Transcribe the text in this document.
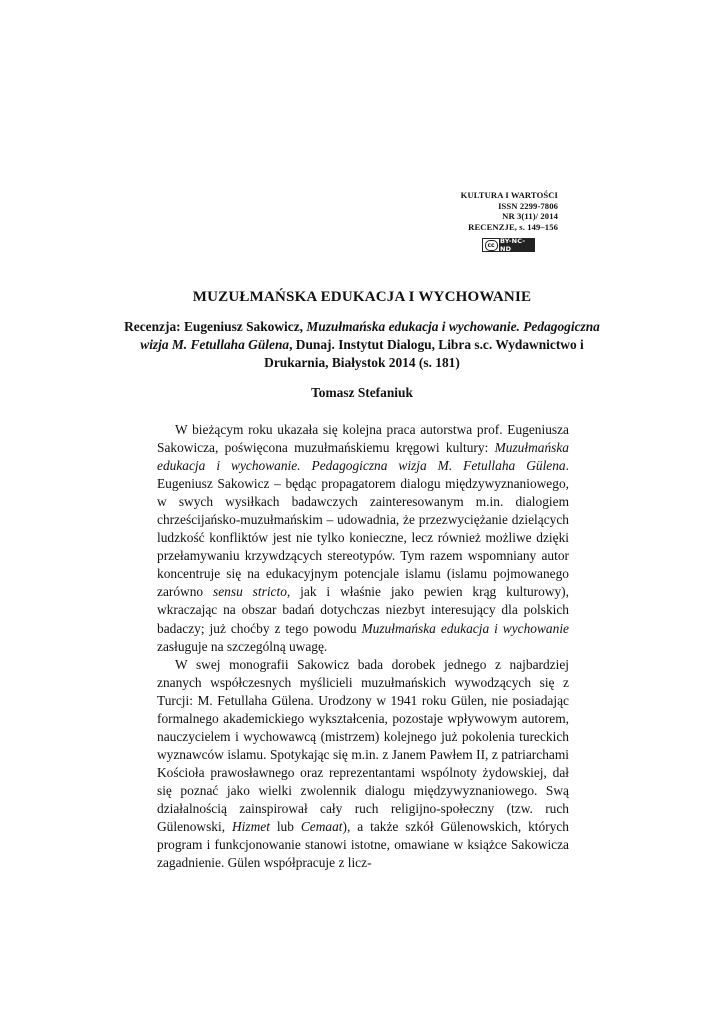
KULTURA I WARTOŚCI
ISSN 2299-7806
NR 3(11)/ 2014
RECENZJE, s. 149–156
cc BY-NC-ND
MUZUŁMAŃSKA EDUKACJA I WYCHOWANIE
Recenzja: Eugeniusz Sakowicz, Muzułmańska edukacja i wychowanie. Pedagogiczna wizja M. Fetullaha Gülena, Dunaj. Instytut Dialogu, Libra s.c. Wydawnictwo i Drukarnia, Białystok 2014 (s. 181)
Tomasz Stefaniuk

W bieżącym roku ukazała się kolejna praca autorstwa prof. Eugeniusza Sakowicza, poświęcona muzułmańskiemu kręgowi kultury: Muzułmańska edukacja i wychowanie. Pedagogiczna wizja M. Fetullaha Gülena. Eugeniusz Sakowicz – będąc propagatorem dialogu międzywyznaniowego, w swych wysiłkach badawczych zainteresowanym m.in. dialogiem chrześcijańsko-muzułmańskim – udowadnia, że przezwyciężanie dzielących ludzkość konfliktów jest nie tylko konieczne, lecz również możliwe dzięki przełamywaniu krzywdzących stereotypów. Tym razem wspomniany autor koncentruje się na edukacyjnym potencjale islamu (islamu pojmowanego zarówno sensu stricto, jak i właśnie jako pewien krąg kulturowy), wkraczając na obszar badań dotychczas niezbyt interesujący dla polskich badaczy; już choćby z tego powodu Muzułmańska edukacja i wychowanie zasługuje na szczególną uwagę.

W swej monografii Sakowicz bada dorobek jednego z najbardziej znanych współczesnych myślicieli muzułmańskich wywodzących się z Turcji: M. Fetullaha Gülena. Urodzony w 1941 roku Gülen, nie posiadając formalnego akademickiego wykształcenia, pozostaje wpływowym autorem, nauczycielem i wychowawcą (mistrzem) kolejnego już pokolenia tureckich wyznawców islamu. Spotykając się m.in. z Janem Pawłem II, z patriarchami Kościoła prawosławnego oraz reprezentantami wspólnoty żydowskiej, dał się poznać jako wielki zwolennik dialogu międzywyznaniowego. Swą działalnością zainspirował cały ruch religijno-społeczny (tzw. ruch Gülenowski, Hizmet lub Cemaat), a także szkół Gülenowskich, których program i funkcjonowanie stanowi istotne, omawiane w książce Sakowicza zagadnienie. Gülen współpracuje z licz-
